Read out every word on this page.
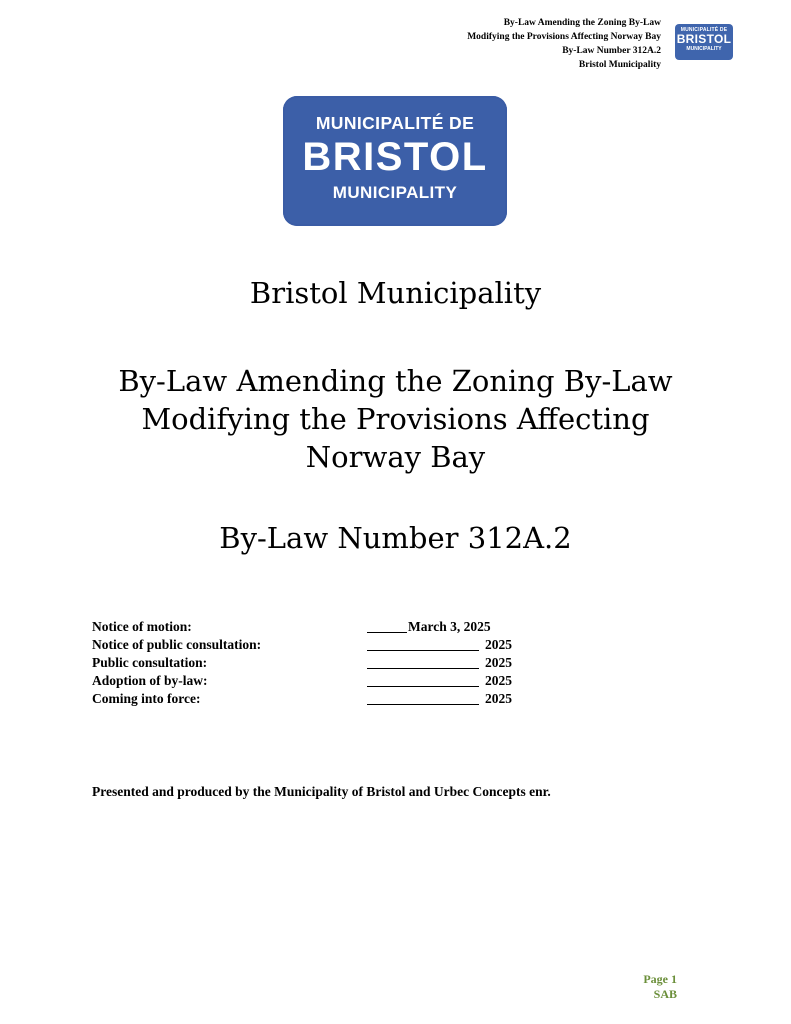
By-Law Amending the Zoning By-Law
Modifying the Provisions Affecting Norway Bay
By-Law Number 312A.2
Bristol Municipality
MUNICIPALITÉ DE
BRISTOL
MUNICIPALITY
MUNICIPALITÉ DE
BRISTOL
MUNICIPALITY
Bristol Municipality
By-Law Amending the Zoning By-Law
Modifying the Provisions Affecting
Norway Bay
By-Law Number 312A.2
Notice of motion:	March 3, 2025
Notice of public consultation:	2025
Public consultation:	2025
Adoption of by-law:	2025
Coming into force:	2025
Presented and produced by the Municipality of Bristol and Urbec Concepts enr.
Page 1
SAB
